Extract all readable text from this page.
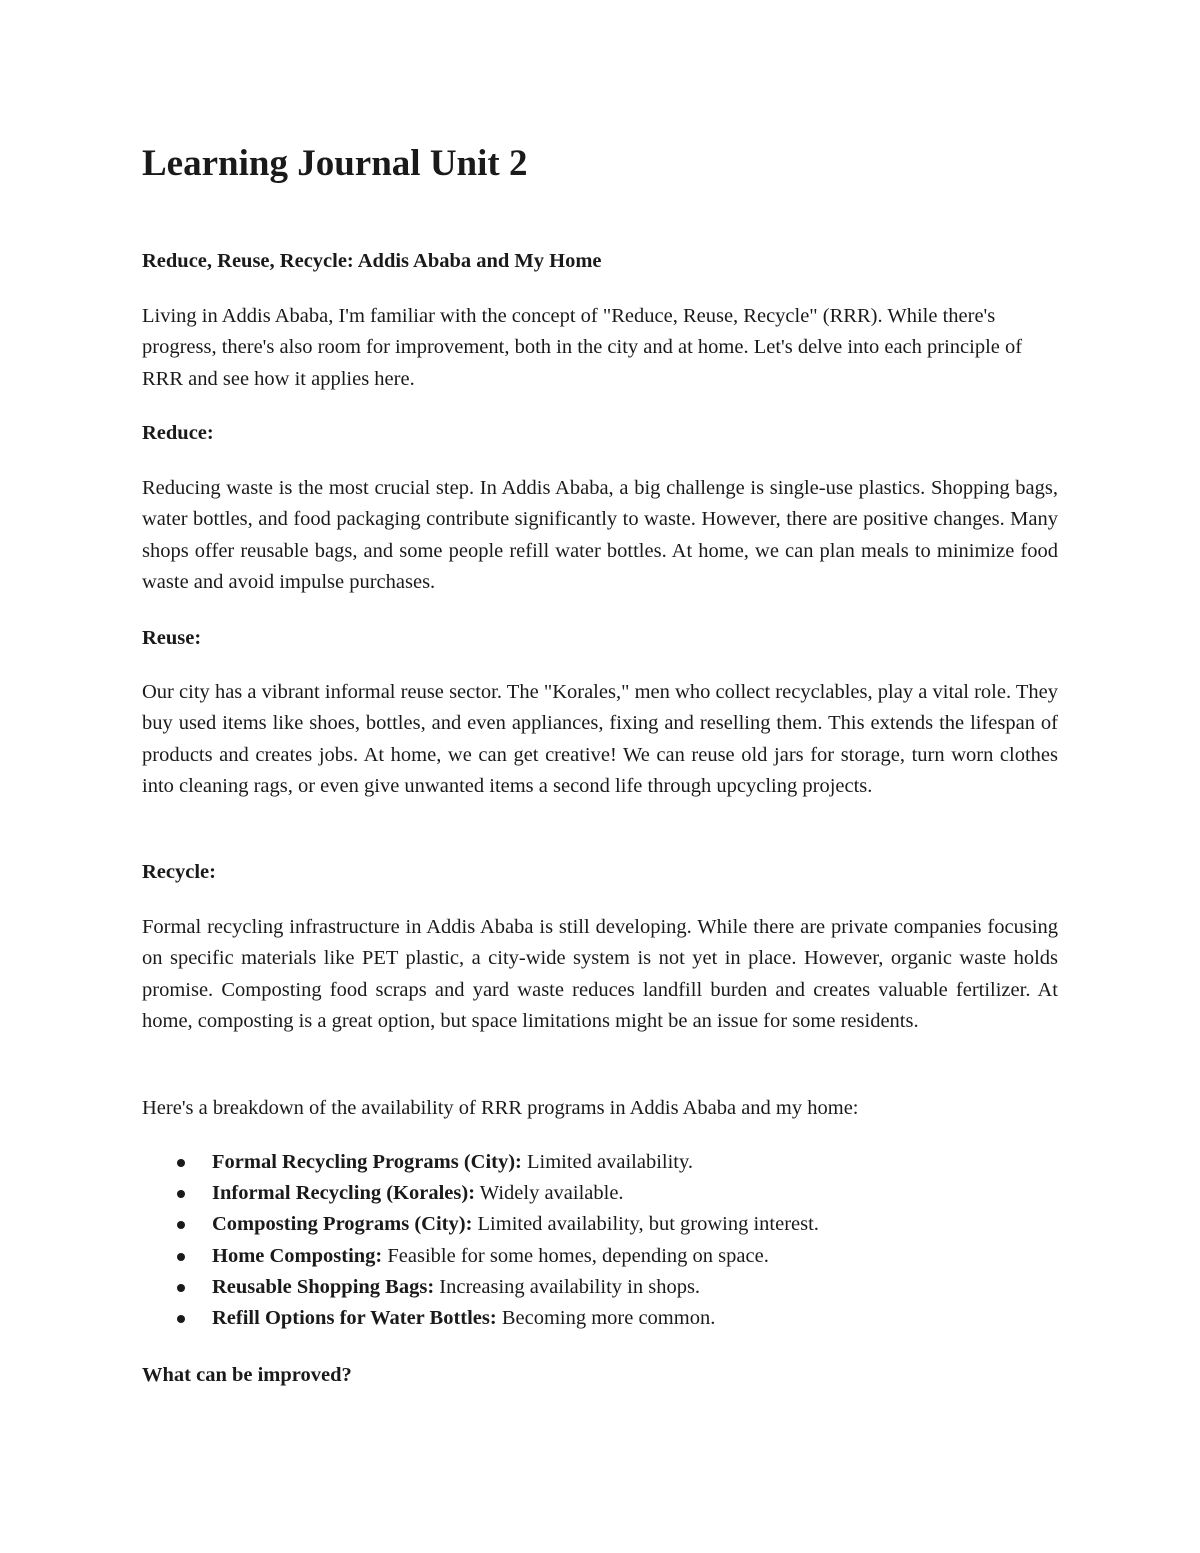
Learning Journal Unit 2

Reduce, Reuse, Recycle: Addis Ababa and My Home

Living in Addis Ababa, I'm familiar with the concept of "Reduce, Reuse, Recycle" (RRR). While there's progress, there's also room for improvement, both in the city and at home. Let's delve into each principle of RRR and see how it applies here.

Reduce:

Reducing waste is the most crucial step. In Addis Ababa, a big challenge is single-use plastics. Shopping bags, water bottles, and food packaging contribute significantly to waste. However, there are positive changes. Many shops offer reusable bags, and some people refill water bottles. At home, we can plan meals to minimize food waste and avoid impulse purchases.

Reuse:

Our city has a vibrant informal reuse sector. The "Korales," men who collect recyclables, play a vital role. They buy used items like shoes, bottles, and even appliances, fixing and reselling them. This extends the lifespan of products and creates jobs. At home, we can get creative! We can reuse old jars for storage, turn worn clothes into cleaning rags, or even give unwanted items a second life through upcycling projects.

Recycle:

Formal recycling infrastructure in Addis Ababa is still developing. While there are private companies focusing on specific materials like PET plastic, a city-wide system is not yet in place. However, organic waste holds promise. Composting food scraps and yard waste reduces landfill burden and creates valuable fertilizer. At home, composting is a great option, but space limitations might be an issue for some residents.

Here's a breakdown of the availability of RRR programs in Addis Ababa and my home:

Formal Recycling Programs (City): Limited availability.
Informal Recycling (Korales): Widely available.
Composting Programs (City): Limited availability, but growing interest.
Home Composting: Feasible for some homes, depending on space.
Reusable Shopping Bags: Increasing availability in shops.
Refill Options for Water Bottles: Becoming more common.

What can be improved?
